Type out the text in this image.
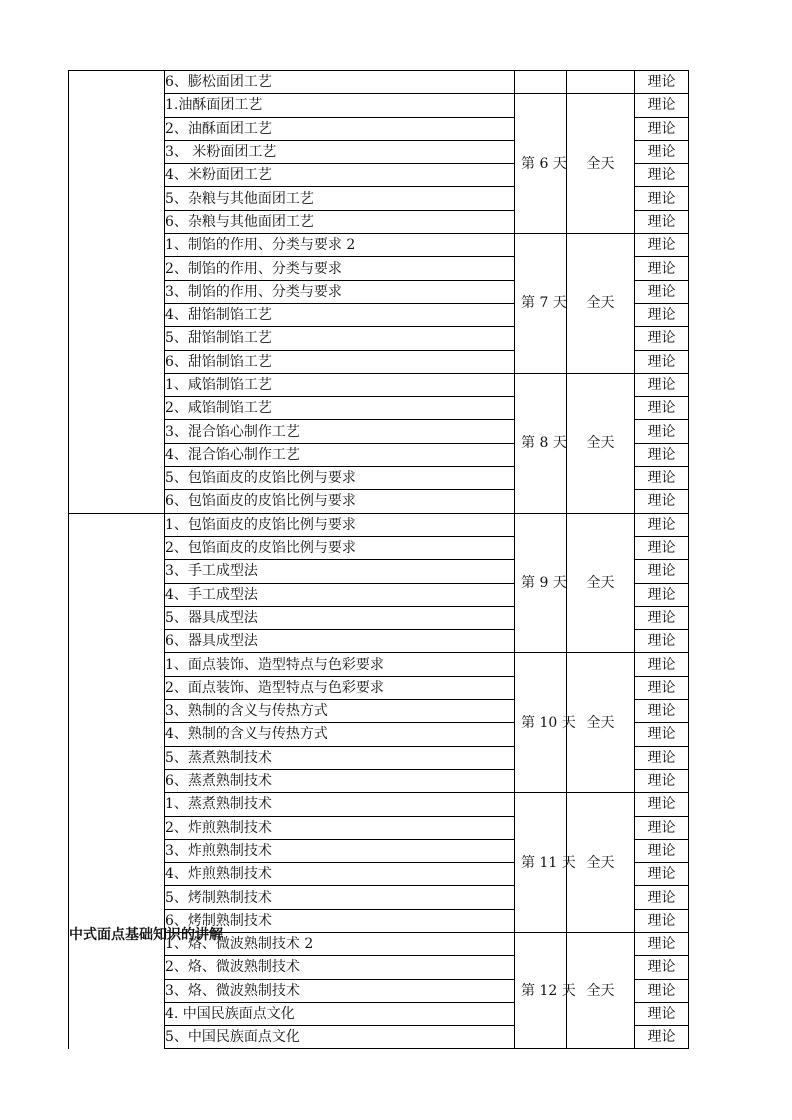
	6、膨松面团工艺			理论
	1.油酥面团工艺	第 6 天	全天	理论
	2、油酥面团工艺			理论
	3、 米粉面团工艺			理论
	4、米粉面团工艺			理论
	5、杂粮与其他面团工艺			理论
	6、杂粮与其他面团工艺			理论
	1、制馅的作用、分类与要求 2	第 7 天	全天	理论
	2、制馅的作用、分类与要求			理论
	3、制馅的作用、分类与要求			理论
	4、甜馅制馅工艺			理论
	5、甜馅制馅工艺			理论
	6、甜馅制馅工艺			理论
	1、咸馅制馅工艺	第 8 天	全天	理论
	2、咸馅制馅工艺			理论
	3、混合馅心制作工艺			理论
	4、混合馅心制作工艺			理论
	5、包馅面皮的皮馅比例与要求			理论
	6、包馅面皮的皮馅比例与要求			理论

中式面点基础知识的讲解	1、包馅面皮的皮馅比例与要求	第 9 天	全天	理论
	2、包馅面皮的皮馅比例与要求			理论
	3、手工成型法			理论
	4、手工成型法			理论
	5、器具成型法			理论
	6、器具成型法			理论
	1、面点装饰、造型特点与色彩要求	第 10 天	全天	理论
	2、面点装饰、造型特点与色彩要求			理论
	3、熟制的含义与传热方式			理论
	4、熟制的含义与传热方式			理论
	5、蒸煮熟制技术			理论
	6、蒸煮熟制技术			理论
	1、蒸煮熟制技术	第 11 天	全天	理论
	2、炸煎熟制技术			理论
	3、炸煎熟制技术			理论
	4、炸煎熟制技术			理论
	5、烤制熟制技术			理论
	6、烤制熟制技术			理论
	1、烙、微波熟制技术 2	第 12 天	全天	理论
	2、烙、微波熟制技术			理论
	3、烙、微波熟制技术			理论
	4. 中国民族面点文化			理论
	5、中国民族面点文化			理论
